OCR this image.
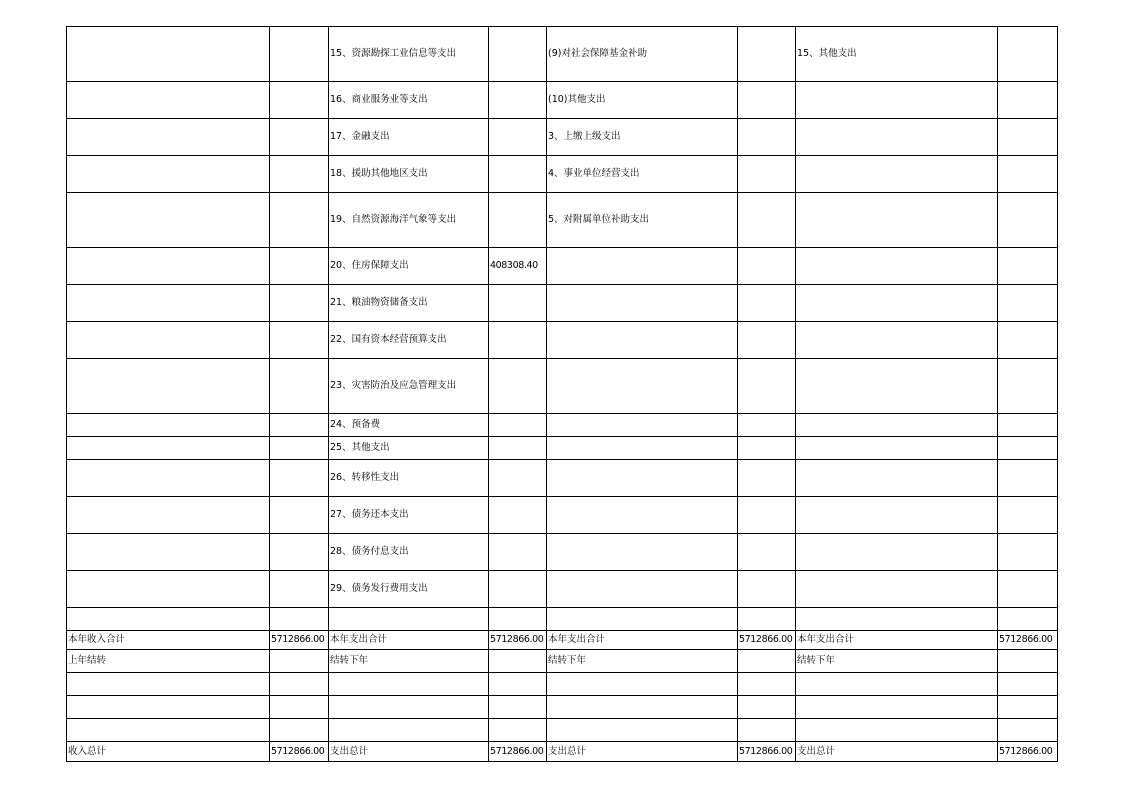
		15、资源勘探工业信息等支出		(9)对社会保障基金补助		15、其他支出	
		16、商业服务业等支出		(10)其他支出			
		17、金融支出		3、上缴上级支出			
		18、援助其他地区支出		4、事业单位经营支出			
		19、自然资源海洋气象等支出		5、对附属单位补助支出			
		20、住房保障支出	408308.40				
		21、粮油物资储备支出					
		22、国有资本经营预算支出					
		23、灾害防治及应急管理支出					
		24、预备费					
		25、其他支出					
		26、转移性支出					
		27、债务还本支出					
		28、债务付息支出					
		29、债务发行费用支出					

本年收入合计	5712866.00	本年支出合计	5712866.00	本年支出合计	5712866.00	本年支出合计	5712866.00
上年结转		结转下年		结转下年		结转下年	

收入总计	5712866.00	支出总计	5712866.00	支出总计	5712866.00	支出总计	5712866.00
